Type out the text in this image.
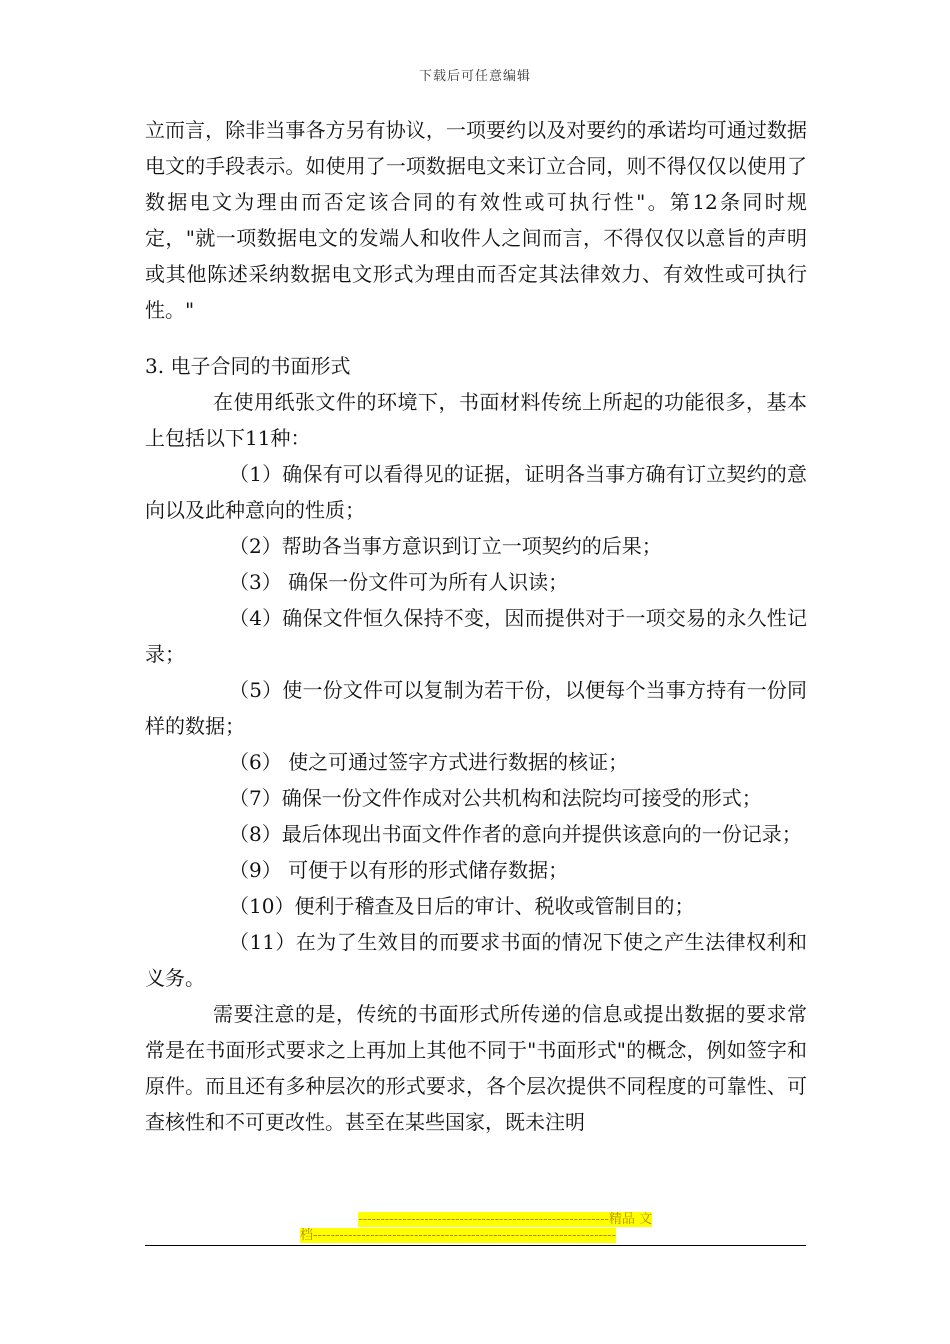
下载后可任意编辑

立而言，除非当事各方另有协议，一项要约以及对要约的承诺均可通过数据电文的手段表示。如使用了一项数据电文来订立合同，则不得仅仅以使用了数据电文为理由而否定该合同的有效性或可执行性"。第12条同时规定，"就一项数据电文的发端人和收件人之间而言，不得仅仅以意旨的声明或其他陈述采纳数据电文形式为理由而否定其法律效力、有效性或可执行性。"

3. 电子合同的书面形式

在使用纸张文件的环境下，书面材料传统上所起的功能很多，基本上包括以下11种：

（1）确保有可以看得见的证据，证明各当事方确有订立契约的意向以及此种意向的性质；

（2）帮助各当事方意识到订立一项契约的后果；

（3） 确保一份文件可为所有人识读；

（4）确保文件恒久保持不变，因而提供对于一项交易的永久性记录；

（5）使一份文件可以复制为若干份，以便每个当事方持有一份同样的数据；

（6） 使之可通过签字方式进行数据的核证；

（7）确保一份文件作成对公共机构和法院均可接受的形式；

（8）最后体现出书面文件作者的意向并提供该意向的一份记录；

（9） 可便于以有形的形式储存数据；

（10）便利于稽查及日后的审计、税收或管制目的；

（11）在为了生效目的而要求书面的情况下使之产生法律权利和义务。

需要注意的是，传统的书面形式所传递的信息或提出数据的要求常常是在书面形式要求之上再加上其他不同于"书面形式"的概念，例如签字和原件。而且还有多种层次的形式要求，各个层次提供不同程度的可靠性、可查核性和不可更改性。甚至在某些国家，既未注明

---------------------------------------------------------精品 文
档---------------------------------------------------------------------
